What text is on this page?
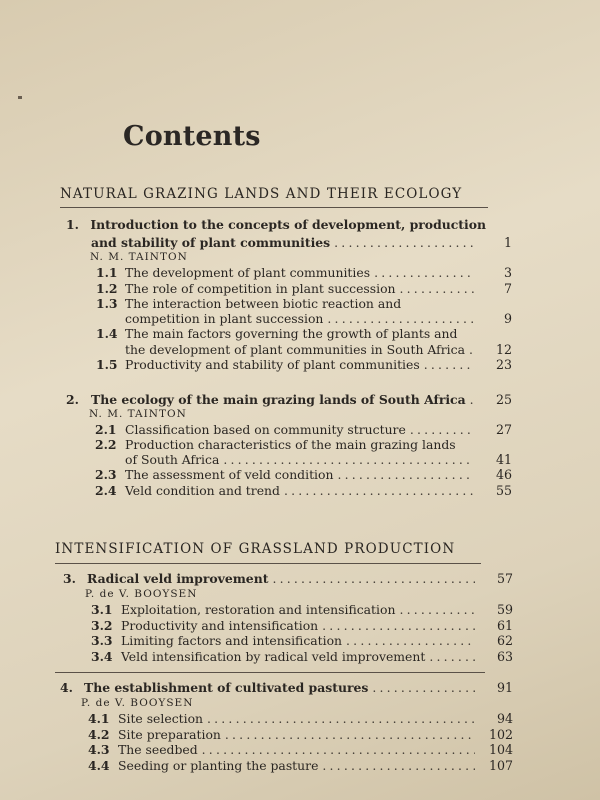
Contents
NATURAL GRAZING LANDS AND THEIR ECOLOGY
1. Introduction to the concepts of development, production
and stability of plant communities .....	1
N. M. TAINTON
1.1 The development of plant communities .....	3
1.2 The role of competition in plant succession .....	7
1.3 The interaction between biotic reaction and
competition in plant succession .....	9
1.4 The main factors governing the growth of plants and
the development of plant communities in South Africa .....	12
1.5 Productivity and stability of plant communities .....	23
2. The ecology of the main grazing lands of South Africa .....	25
N. M. TAINTON
2.1 Classification based on community structure .....	27
2.2 Production characteristics of the main grazing lands
of South Africa .....	41
2.3 The assessment of veld condition .....	46
2.4 Veld condition and trend .....	55
INTENSIFICATION OF GRASSLAND PRODUCTION
3. Radical veld improvement .....	57
P. de V. BOOYSEN
3.1 Exploitation, restoration and intensification .....	59
3.2 Productivity and intensification .....	61
3.3 Limiting factors and intensification .....	62
3.4 Veld intensification by radical veld improvement .....	63
4. The establishment of cultivated pastures .....	91
P. de V. BOOYSEN
4.1 Site selection .....	94
4.2 Site preparation .....	102
4.3 The seedbed .....	104
4.4 Seeding or planting the pasture .....	107
